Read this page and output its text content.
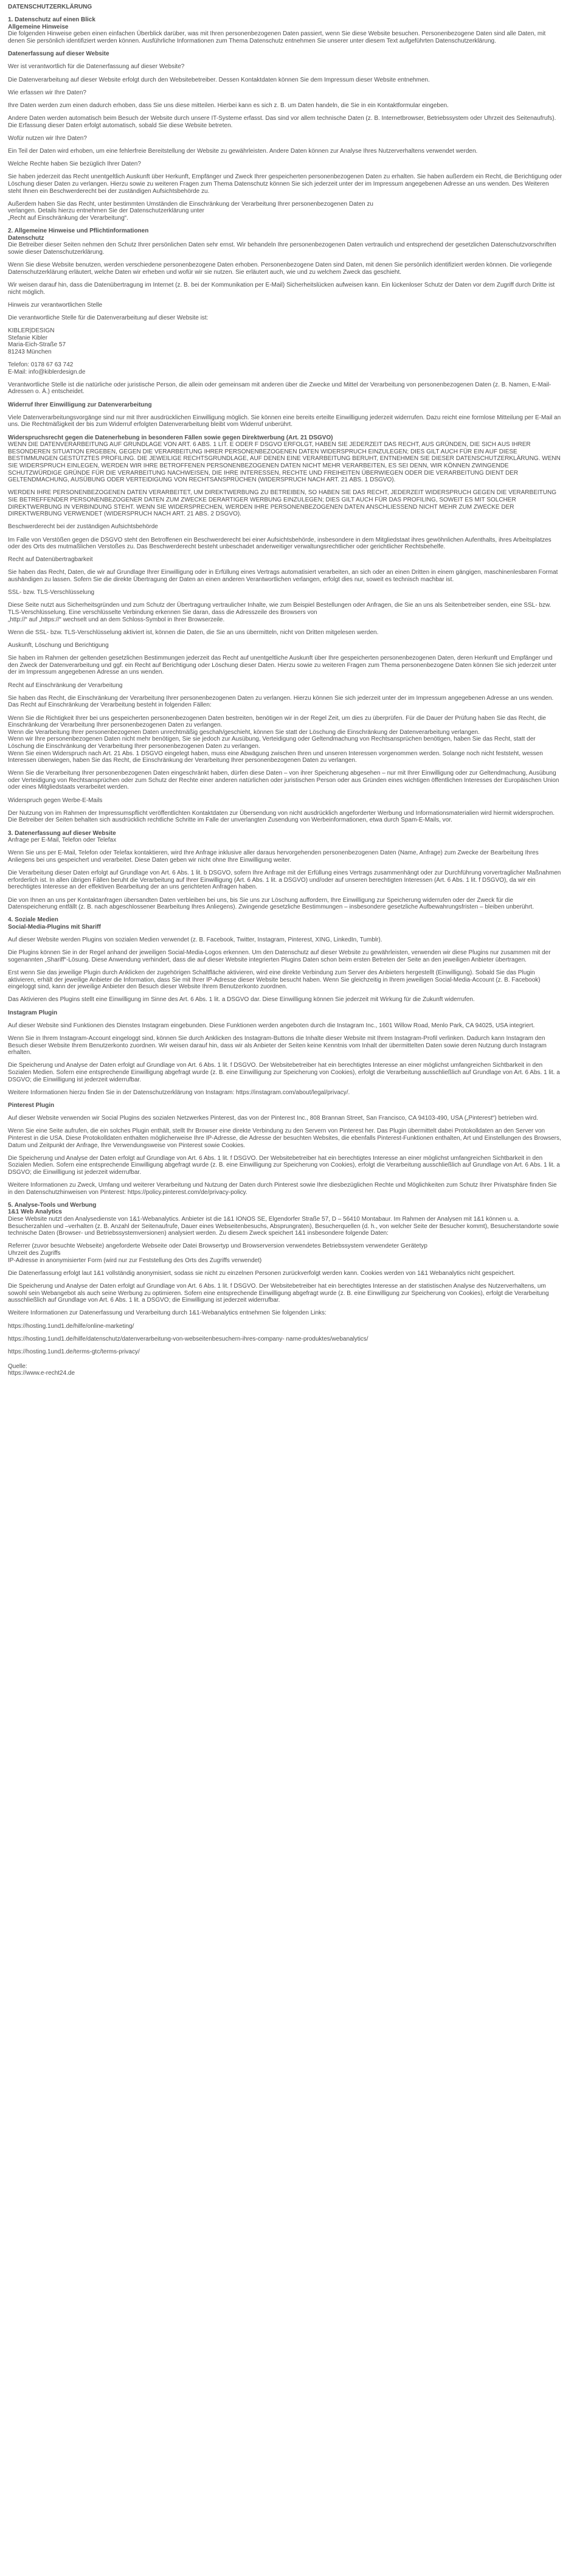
DATENSCHUTZERKLÄRUNG

1. Datenschutz auf einen Blick
Allgemeine Hinweise
Die folgenden Hinweise geben einen einfachen Überblick darüber, was mit Ihren personenbezogenen Daten passiert, wenn Sie diese Website besuchen. Personenbezogene Daten sind alle Daten, mit denen Sie persönlich identifiziert werden können. Ausführliche Informationen zum Thema Datenschutz entnehmen Sie unserer unter diesem Text aufgeführten Datenschutzerklärung.

Datenerfassung auf dieser Website

Wer ist verantwortlich für die Datenerfassung auf dieser Website?

Die Datenverarbeitung auf dieser Website erfolgt durch den Websitebetreiber. Dessen Kontaktdaten können Sie dem Impressum dieser Website entnehmen.

Wie erfassen wir Ihre Daten?

Ihre Daten werden zum einen dadurch erhoben, dass Sie uns diese mitteilen. Hierbei kann es sich z. B. um Daten handeln, die Sie in ein Kontaktformular eingeben.

Andere Daten werden automatisch beim Besuch der Website durch unsere IT-Systeme erfasst. Das sind vor allem technische Daten (z. B. Internetbrowser, Betriebssystem oder Uhrzeit des Seitenaufrufs). Die Erfassung dieser Daten erfolgt automatisch, sobald Sie diese Website betreten.

Wofür nutzen wir Ihre Daten?

Ein Teil der Daten wird erhoben, um eine fehlerfreie Bereitstellung der Website zu gewährleisten. Andere Daten können zur Analyse Ihres Nutzerverhaltens verwendet werden.

Welche Rechte haben Sie bezüglich Ihrer Daten?

Sie haben jederzeit das Recht unentgeltlich Auskunft über Herkunft, Empfänger und Zweck Ihrer gespeicherten personenbezogenen Daten zu erhalten. Sie haben außerdem ein Recht, die Berichtigung oder Löschung dieser Daten zu verlangen. Hierzu sowie zu weiteren Fragen zum Thema Datenschutz können Sie sich jederzeit unter der im Impressum angegebenen Adresse an uns wenden. Des Weiteren steht Ihnen ein Beschwerderecht bei der zuständigen Aufsichtsbehörde zu.

Außerdem haben Sie das Recht, unter bestimmten Umständen die Einschränkung der Verarbeitung Ihrer personenbezogenen Daten zu
verlangen. Details hierzu entnehmen Sie der Datenschutzerklärung unter
„Recht auf Einschränkung der Verarbeitung“.
2. Allgemeine Hinweise und Pflichtinformationen
Datenschutz
Die Betreiber dieser Seiten nehmen den Schutz Ihrer persönlichen Daten sehr ernst. Wir behandeln Ihre personenbezogenen Daten vertraulich und entsprechend der gesetzlichen Datenschutzvorschriften sowie dieser Datenschutzerklärung.

Wenn Sie diese Website benutzen, werden verschiedene personenbezogene Daten erhoben. Personenbezogene Daten sind Daten, mit denen Sie persönlich identifiziert werden können. Die vorliegende Datenschutzerklärung erläutert, welche Daten wir erheben und wofür wir sie nutzen. Sie erläutert auch, wie und zu welchem Zweck das geschieht.

Wir weisen darauf hin, dass die Datenübertragung im Internet (z. B. bei der Kommunikation per E-Mail) Sicherheitslücken aufweisen kann. Ein lückenloser Schutz der Daten vor dem Zugriff durch Dritte ist nicht möglich.

Hinweis zur verantwortlichen Stelle

Die verantwortliche Stelle für die Datenverarbeitung auf dieser Website ist:

KIBLER|DESIGN
Stefanie Kibler
Maria-Eich-Straße 57
81243 München
Telefon: 0178 67 63 742
E-Mail: info@kiblerdesign.de

Verantwortliche Stelle ist die natürliche oder juristische Person, die allein oder gemeinsam mit anderen über die Zwecke und Mittel der Verarbeitung von personenbezogenen Daten (z. B. Namen, E-Mail-Adressen o. Ä.) entscheidet.

Widerruf Ihrer Einwilligung zur Datenverarbeitung

Viele Datenverarbeitungsvorgänge sind nur mit Ihrer ausdrücklichen Einwilligung möglich. Sie können eine bereits erteilte Einwilligung jederzeit widerrufen. Dazu reicht eine formlose Mitteilung per E-Mail an uns. Die Rechtmäßigkeit der bis zum Widerruf erfolgten Datenverarbeitung bleibt vom Widerruf unberührt.

Widerspruchsrecht gegen die Datenerhebung in besonderen Fällen sowie gegen Direktwerbung (Art. 21 DSGVO)
WENN DIE DATENVERARBEITUNG AUF GRUNDLAGE VON ART. 6 ABS. 1 LIT. E ODER F DSGVO ERFOLGT, HABEN SIE JEDERZEIT DAS RECHT, AUS GRÜNDEN, DIE SICH AUS IHRER BESONDEREN SITUATION ERGEBEN, GEGEN DIE VERARBEITUNG IHRER PERSONENBEZOGENEN DATEN WIDERSPRUCH EINZULEGEN; DIES GILT AUCH FÜR EIN AUF DIESE BESTIMMUNGEN GESTÜTZTES PROFILING. DIE JEWEILIGE RECHTSGRUNDLAGE, AUF DENEN EINE VERARBEITUNG BERUHT, ENTNEHMEN SIE DIESER DATENSCHUTZERKLÄRUNG. WENN SIE WIDERSPRUCH EINLEGEN, WERDEN WIR IHRE BETROFFENEN PERSONENBEZOGENEN DATEN NICHT MEHR VERARBEITEN, ES SEI DENN, WIR KÖNNEN ZWINGENDE SCHUTZWÜRDIGE GRÜNDE FÜR DIE VERARBEITUNG NACHWEISEN, DIE IHRE INTERESSEN, RECHTE UND FREIHEITEN ÜBERWIEGEN ODER DIE VERARBEITUNG DIENT DER GELTENDMACHUNG, AUSÜBUNG ODER VERTEIDIGUNG VON RECHTSANSPRÜCHEN (WIDERSPRUCH NACH ART. 21 ABS. 1 DSGVO).

WERDEN IHRE PERSONENBEZOGENEN DATEN VERARBEITET, UM DIREKTWERBUNG ZU BETREIBEN, SO HABEN SIE DAS RECHT, JEDERZEIT WIDERSPRUCH GEGEN DIE VERARBEITUNG SIE BETREFFENDER PERSONENBEZOGENER DATEN ZUM ZWECKE DERARTIGER WERBUNG EINZULEGEN; DIES GILT AUCH FÜR DAS PROFILING, SOWEIT ES MIT SOLCHER DIREKTWERBUNG IN VERBINDUNG STEHT. WENN SIE WIDERSPRECHEN, WERDEN IHRE PERSONENBEZOGENEN DATEN ANSCHLIESSEND NICHT MEHR ZUM ZWECKE DER DIREKTWERBUNG VERWENDET (WIDERSPRUCH NACH ART. 21 ABS. 2 DSGVO).

Beschwerderecht bei der zuständigen Aufsichtsbehörde

Im Falle von Verstößen gegen die DSGVO steht den Betroffenen ein Beschwerderecht bei einer Aufsichtsbehörde, insbesondere in dem Mitgliedstaat ihres gewöhnlichen Aufenthalts, ihres Arbeitsplatzes oder des Orts des mutmaßlichen Verstoßes zu. Das Beschwerderecht besteht unbeschadet anderweitiger verwaltungsrechtlicher oder gerichtlicher Rechtsbehelfe.

Recht auf Datenübertragbarkeit

Sie haben das Recht, Daten, die wir auf Grundlage Ihrer Einwilligung oder in Erfüllung eines Vertrags automatisiert verarbeiten, an sich oder an einen Dritten in einem gängigen, maschinenlesbaren Format aushändigen zu lassen. Sofern Sie die direkte Übertragung der Daten an einen anderen Verantwortlichen verlangen, erfolgt dies nur, soweit es technisch machbar ist.

SSL- bzw. TLS-Verschlüsselung

Diese Seite nutzt aus Sicherheitsgründen und zum Schutz der Übertragung vertraulicher Inhalte, wie zum Beispiel Bestellungen oder Anfragen, die Sie an uns als Seitenbetreiber senden, eine SSL- bzw. TLS-Verschlüsselung. Eine verschlüsselte Verbindung erkennen Sie daran, dass die Adresszeile des Browsers von
„http://“ auf „https://“ wechselt und an dem Schloss-Symbol in Ihrer Browserzeile.

Wenn die SSL- bzw. TLS-Verschlüsselung aktiviert ist, können die Daten, die Sie an uns übermitteln, nicht von Dritten mitgelesen werden.

Auskunft, Löschung und Berichtigung

Sie haben im Rahmen der geltenden gesetzlichen Bestimmungen jederzeit das Recht auf unentgeltliche Auskunft über Ihre gespeicherten personenbezogenen Daten, deren Herkunft und Empfänger und den Zweck der Datenverarbeitung und ggf. ein Recht auf Berichtigung oder Löschung dieser Daten. Hierzu sowie zu weiteren Fragen zum Thema personenbezogene Daten können Sie sich jederzeit unter der im Impressum angegebenen Adresse an uns wenden.

Recht auf Einschränkung der Verarbeitung

Sie haben das Recht, die Einschränkung der Verarbeitung Ihrer personenbezogenen Daten zu verlangen. Hierzu können Sie sich jederzeit unter der im Impressum angegebenen Adresse an uns wenden. Das Recht auf Einschränkung der Verarbeitung besteht in folgenden Fällen:

Wenn Sie die Richtigkeit Ihrer bei uns gespeicherten personenbezogenen Daten bestreiten, benötigen wir in der Regel Zeit, um dies zu überprüfen. Für die Dauer der Prüfung haben Sie das Recht, die Einschränkung der Verarbeitung Ihrer personenbezogenen Daten zu verlangen.
Wenn die Verarbeitung Ihrer personenbezogenen Daten unrechtmäßig geschah/geschieht, können Sie statt der Löschung die Einschränkung der Datenverarbeitung verlangen.
Wenn wir Ihre personenbezogenen Daten nicht mehr benötigen, Sie sie jedoch zur Ausübung, Verteidigung oder Geltendmachung von Rechtsansprüchen benötigen, haben Sie das Recht, statt der Löschung die Einschränkung der Verarbeitung Ihrer personenbezogenen Daten zu verlangen.
Wenn Sie einen Widerspruch nach Art. 21 Abs. 1 DSGVO eingelegt haben, muss eine Abwägung zwischen Ihren und unseren Interessen vorgenommen werden. Solange noch nicht feststeht, wessen Interessen überwiegen, haben Sie das Recht, die Einschränkung der Verarbeitung Ihrer personenbezogenen Daten zu verlangen.

Wenn Sie die Verarbeitung Ihrer personenbezogenen Daten eingeschränkt haben, dürfen diese Daten – von ihrer Speicherung abgesehen – nur mit Ihrer Einwilligung oder zur Geltendmachung, Ausübung oder Verteidigung von Rechtsansprüchen oder zum Schutz der Rechte einer anderen natürlichen oder juristischen Person oder aus Gründen eines wichtigen öffentlichen Interesses der Europäischen Union oder eines Mitgliedstaats verarbeitet werden.

Widerspruch gegen Werbe-E-Mails

Der Nutzung von im Rahmen der Impressumspflicht veröffentlichten Kontaktdaten zur Übersendung von nicht ausdrücklich angeforderter Werbung und Informationsmaterialien wird hiermit widersprochen. Die Betreiber der Seiten behalten sich ausdrücklich rechtliche Schritte im Falle der unverlangten Zusendung von Werbeinformationen, etwa durch Spam-E-Mails, vor.

3. Datenerfassung auf dieser Website
Anfrage per E-Mail, Telefon oder Telefax

Wenn Sie uns per E-Mail, Telefon oder Telefax kontaktieren, wird Ihre Anfrage inklusive aller daraus hervorgehenden personenbezogenen Daten (Name, Anfrage) zum Zwecke der Bearbeitung Ihres Anliegens bei uns gespeichert und verarbeitet. Diese Daten geben wir nicht ohne Ihre Einwilligung weiter.

Die Verarbeitung dieser Daten erfolgt auf Grundlage von Art. 6 Abs. 1 lit. b DSGVO, sofern Ihre Anfrage mit der Erfüllung eines Vertrags zusammenhängt oder zur Durchführung vorvertraglicher Maßnahmen erforderlich ist. In allen übrigen Fällen beruht die Verarbeitung auf Ihrer Einwilligung (Art. 6 Abs. 1 lit. a DSGVO) und/oder auf unseren berechtigten Interessen (Art. 6 Abs. 1 lit. f DSGVO), da wir ein berechtigtes Interesse an der effektiven Bearbeitung der an uns gerichteten Anfragen haben.

Die von Ihnen an uns per Kontaktanfragen übersandten Daten verbleiben bei uns, bis Sie uns zur Löschung auffordern, Ihre Einwilligung zur Speicherung widerrufen oder der Zweck für die Datenspeicherung entfällt (z. B. nach abgeschlossener Bearbeitung Ihres Anliegens). Zwingende gesetzliche Bestimmungen – insbesondere gesetzliche Aufbewahrungsfristen – bleiben unberührt.

4. Soziale Medien
Social-Media-Plugins mit Shariff

Auf dieser Website werden Plugins von sozialen Medien verwendet (z. B. Facebook, Twitter, Instagram, Pinterest, XING, LinkedIn, Tumblr).

Die Plugins können Sie in der Regel anhand der jeweiligen Social-Media-Logos erkennen. Um den Datenschutz auf dieser Website zu gewährleisten, verwenden wir diese Plugins nur zusammen mit der sogenannten „Shariff“-Lösung. Diese Anwendung verhindert, dass die auf dieser Website integrierten Plugins Daten schon beim ersten Betreten der Seite an den jeweiligen Anbieter übertragen.

Erst wenn Sie das jeweilige Plugin durch Anklicken der zugehörigen Schaltfläche aktivieren, wird eine direkte Verbindung zum Server des Anbieters hergestellt (Einwilligung). Sobald Sie das Plugin aktivieren, erhält der jeweilige Anbieter die Information, dass Sie mit Ihrer IP-Adresse dieser Website besucht haben. Wenn Sie gleichzeitig in Ihrem jeweiligen Social-Media-Account (z. B. Facebook) eingeloggt sind, kann der jeweilige Anbieter den Besuch dieser Website Ihrem Benutzerkonto zuordnen.

Das Aktivieren des Plugins stellt eine Einwilligung im Sinne des Art. 6 Abs. 1 lit. a DSGVO dar. Diese Einwilligung können Sie jederzeit mit Wirkung für die Zukunft widerrufen.

Instagram Plugin

Auf dieser Website sind Funktionen des Dienstes Instagram eingebunden. Diese Funktionen werden angeboten durch die Instagram Inc., 1601 Willow Road, Menlo Park, CA 94025, USA integriert.

Wenn Sie in Ihrem Instagram-Account eingeloggt sind, können Sie durch Anklicken des Instagram-Buttons die Inhalte dieser Website mit Ihrem Instagram-Profil verlinken. Dadurch kann Instagram den Besuch dieser Website Ihrem Benutzerkonto zuordnen. Wir weisen darauf hin, dass wir als Anbieter der Seiten keine Kenntnis vom Inhalt der übermittelten Daten sowie deren Nutzung durch Instagram erhalten.

Die Speicherung und Analyse der Daten erfolgt auf Grundlage von Art. 6 Abs. 1 lit. f DSGVO. Der Websitebetreiber hat ein berechtigtes Interesse an einer möglichst umfangreichen Sichtbarkeit in den Sozialen Medien. Sofern eine entsprechende Einwilligung abgefragt wurde (z. B. eine Einwilligung zur Speicherung von Cookies), erfolgt die Verarbeitung ausschließlich auf Grundlage von Art. 6 Abs. 1 lit. a DSGVO; die Einwilligung ist jederzeit widerrufbar.

Weitere Informationen hierzu finden Sie in der Datenschutzerklärung von Instagram: https://instagram.com/about/legal/privacy/.

Pinterest Plugin

Auf dieser Website verwenden wir Social Plugins des sozialen Netzwerkes Pinterest, das von der Pinterest Inc., 808 Brannan Street, San Francisco, CA 94103-490, USA („Pinterest“) betrieben wird.

Wenn Sie eine Seite aufrufen, die ein solches Plugin enthält, stellt Ihr Browser eine direkte Verbindung zu den Servern von Pinterest her. Das Plugin übermittelt dabei Protokolldaten an den Server von Pinterest in die USA. Diese Protokolldaten enthalten möglicherweise Ihre IP-Adresse, die Adresse der besuchten Websites, die ebenfalls Pinterest-Funktionen enthalten, Art und Einstellungen des Browsers, Datum und Zeitpunkt der Anfrage, Ihre Verwendungsweise von Pinterest sowie Cookies.

Die Speicherung und Analyse der Daten erfolgt auf Grundlage von Art. 6 Abs. 1 lit. f DSGVO. Der Websitebetreiber hat ein berechtigtes Interesse an einer möglichst umfangreichen Sichtbarkeit in den Sozialen Medien. Sofern eine entsprechende Einwilligung abgefragt wurde (z. B. eine Einwilligung zur Speicherung von Cookies), erfolgt die Verarbeitung ausschließlich auf Grundlage von Art. 6 Abs. 1 lit. a DSGVO; die Einwilligung ist jederzeit widerrufbar.

Weitere Informationen zu Zweck, Umfang und weiterer Verarbeitung und Nutzung der Daten durch Pinterest sowie Ihre diesbezüglichen Rechte und Möglichkeiten zum Schutz Ihrer Privatsphäre finden Sie in den Datenschutzhinweisen von Pinterest: https://policy.pinterest.com/de/privacy-policy.

5. Analyse-Tools und Werbung
1&1 Web Analytics
Diese Website nutzt den Analysedienste von 1&1-Webanalytics. Anbieter ist die 1&1 IONOS SE, Elgendorfer Straße 57, D – 56410 Montabaur. Im Rahmen der Analysen mit 1&1 können u. a. Besucherzahlen und –verhalten (z. B. Anzahl der Seitenaufrufe, Dauer eines Webseitenbesuchs, Absprungraten), Besucherquellen (d. h., von welcher Seite der Besucher kommt), Besucherstandorte sowie technische Daten (Browser- und Betriebssystemversionen) analysiert werden. Zu diesem Zweck speichert 1&1 insbesondere folgende Daten:
Referrer (zuvor besuchte Webseite) angeforderte Webseite oder Datei Browsertyp und Browserversion verwendetes Betriebssystem verwendeter Gerätetyp
Uhrzeit des Zugriffs
IP-Adresse in anonymisierter Form (wird nur zur Feststellung des Orts des Zugriffs verwendet)

Die Datenerfassung erfolgt laut 1&1 vollständig anonymisiert, sodass sie nicht zu einzelnen Personen zurückverfolgt werden kann. Cookies werden von 1&1 Webanalytics nicht gespeichert.

Die Speicherung und Analyse der Daten erfolgt auf Grundlage von Art. 6 Abs. 1 lit. f DSGVO. Der Websitebetreiber hat ein berechtigtes Interesse an der statistischen Analyse des Nutzerverhaltens, um sowohl sein Webangebot als auch seine Werbung zu optimieren. Sofern eine entsprechende Einwilligung abgefragt wurde (z. B. eine Einwilligung zur Speicherung von Cookies), erfolgt die Verarbeitung ausschließlich auf Grundlage von Art. 6 Abs. 1 lit. a DSGVO; die Einwilligung ist jederzeit widerrufbar.

Weitere Informationen zur Datenerfassung und Verarbeitung durch 1&1-Webanalytics entnehmen Sie folgenden Links:

https://hosting.1und1.de/hilfe/online-marketing/

https://hosting.1und1.de/hilfe/datenschutz/datenverarbeitung-von-webseitenbesuchern-ihres-company- name-produktes/webanalytics/

https://hosting.1und1.de/terms-gtc/terms-privacy/

Quelle:
https://www.e-recht24.de
